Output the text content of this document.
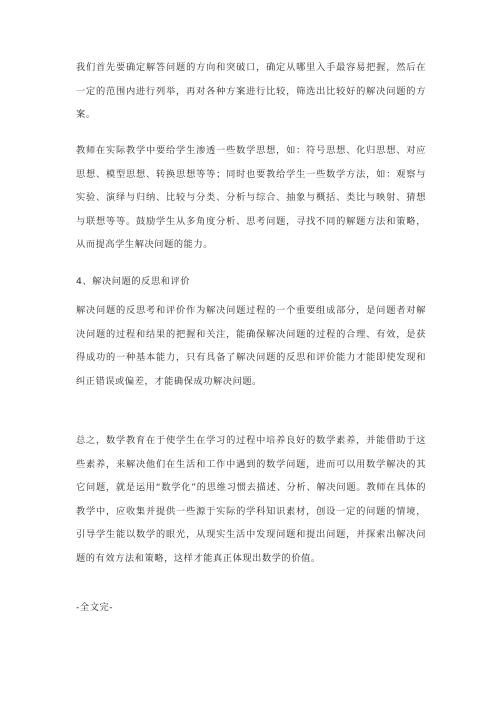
我们首先要确定解答问题的方向和突破口，确定从哪里入手最容易把握，然后在一定的范围内进行列举，再对各种方案进行比较，筛选出比较好的解决问题的方案。

教师在实际教学中要给学生渗透一些数学思想，如：符号思想、化归思想、对应思想、模型思想、转换思想等等；同时也要教给学生一些数学方法，如：观察与实验、演绎与归纳、比较与分类、分析与综合、抽象与概括、类比与映射、猜想与联想等等。鼓励学生从多角度分析、思考问题，寻找不同的解题方法和策略，从而提高学生解决问题的能力。

4、解决问题的反思和评价

解决问题的反思考和评价作为解决问题过程的一个重要组成部分，是问题者对解决问题的过程和结果的把握和关注，能确保解决问题的过程的合理、有效，是获得成功的一种基本能力，只有具备了解决问题的反思和评价能力才能即使发现和纠正错误或偏差，才能确保成功解决问题。

总之，数学教育在于使学生在学习的过程中培养良好的数学素养，并能借助于这些素养，来解决他们在生活和工作中遇到的数学问题，进而可以用数学解决的其它问题，就是运用“数学化”的思维习惯去描述、分析、解决问题。教师在具体的教学中，应收集并提供一些源于实际的学科知识素材，创设一定的问题的情境，引导学生能以数学的眼光，从现实生活中发现问题和提出问题，并探索出解决问题的有效方法和策略，这样才能真正体现出数学的价值。

-全文完-
